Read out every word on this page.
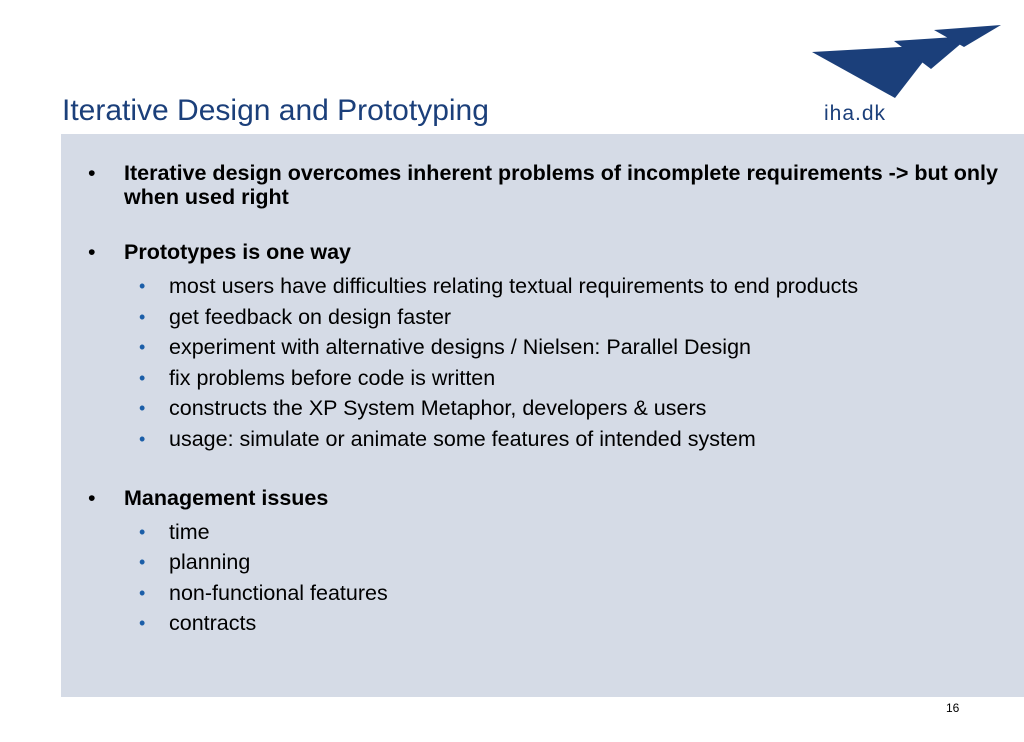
Iterative Design and Prototyping	iha.dk
• Iterative design overcomes inherent problems of incomplete requirements -> but only when used right
• Prototypes is one way
• most users have difficulties relating textual requirements to end products
• get feedback on design faster
• experiment with alternative designs / Nielsen: Parallel Design
• fix problems before code is written
• constructs the XP System Metaphor, developers & users
• usage: simulate or animate some features of intended system
• Management issues
• time
• planning
• non-functional features
• contracts
16
